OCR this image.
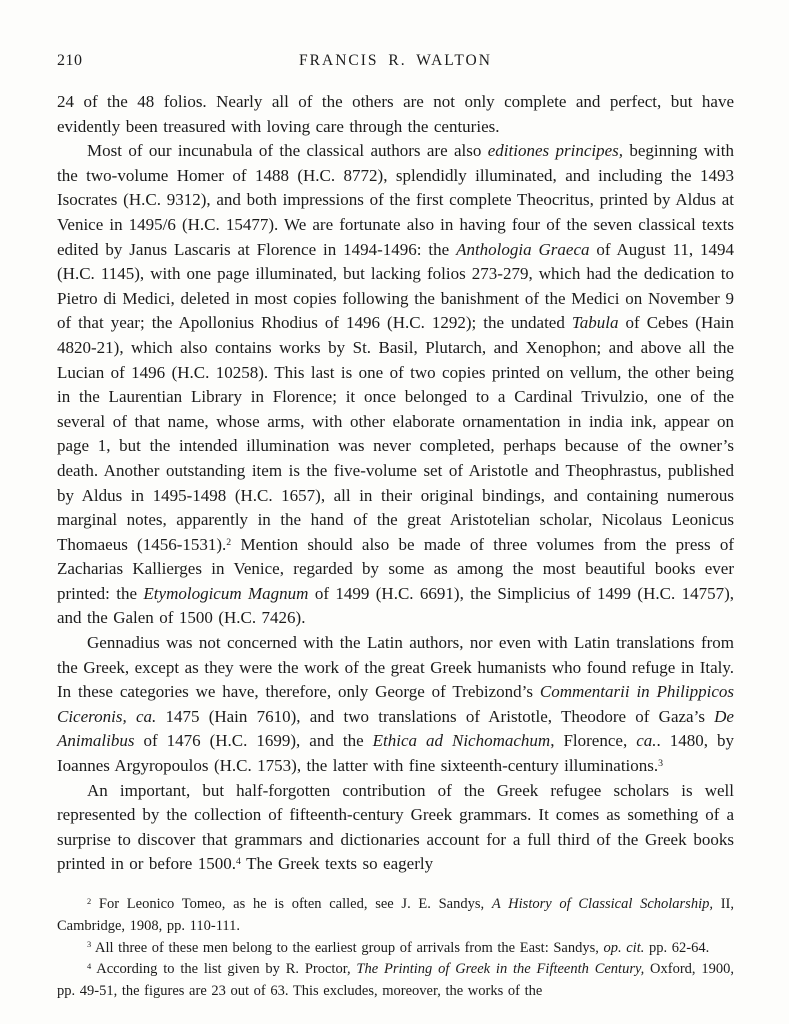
210	FRANCIS R. WALTON

24 of the 48 folios. Nearly all of the others are not only complete and perfect, but have evidently been treasured with loving care through the centuries.

Most of our incunabula of the classical authors are also editiones principes, beginning with the two-volume Homer of 1488 (H.C. 8772), splendidly illuminated, and including the 1493 Isocrates (H.C. 9312), and both impressions of the first complete Theocritus, printed by Aldus at Venice in 1495/6 (H.C. 15477). We are fortunate also in having four of the seven classical texts edited by Janus Lascaris at Florence in 1494-1496: the Anthologia Graeca of August 11, 1494 (H.C. 1145), with one page illuminated, but lacking folios 273-279, which had the dedication to Pietro di Medici, deleted in most copies following the banishment of the Medici on November 9 of that year; the Apollonius Rhodius of 1496 (H.C. 1292); the undated Tabula of Cebes (Hain 4820-21), which also contains works by St. Basil, Plutarch, and Xenophon; and above all the Lucian of 1496 (H.C. 10258). This last is one of two copies printed on vellum, the other being in the Laurentian Library in Florence; it once belonged to a Cardinal Trivulzio, one of the several of that name, whose arms, with other elaborate ornamentation in india ink, appear on page 1, but the intended illumination was never completed, perhaps because of the owner’s death. Another outstanding item is the five-volume set of Aristotle and Theophrastus, published by Aldus in 1495-1498 (H.C. 1657), all in their original bindings, and containing numerous marginal notes, apparently in the hand of the great Aristotelian scholar, Nicolaus Leonicus Thomaeus (1456-1531).$^2$ Mention should also be made of three volumes from the press of Zacharias Kallierges in Venice, regarded by some as among the most beautiful books ever printed: the Etymologicum Magnum of 1499 (H.C. 6691), the Simplicius of 1499 (H.C. 14757), and the Galen of 1500 (H.C. 7426).

Gennadius was not concerned with the Latin authors, nor even with Latin translations from the Greek, except as they were the work of the great Greek humanists who found refuge in Italy. In these categories we have, therefore, only George of Trebizond’s Commentarii in Philippicos Ciceronis, ca. 1475 (Hain 7610), and two translations of Aristotle, Theodore of Gaza’s De Animalibus of 1476 (H.C. 1699), and the Ethica ad Nichomachum, Florence, ca.. 1480, by Ioannes Argyropoulos (H.C. 1753), the latter with fine sixteenth-century illuminations.$^3$

An important, but half-forgotten contribution of the Greek refugee scholars is well represented by the collection of fifteenth-century Greek grammars. It comes as something of a surprise to discover that grammars and dictionaries account for a full third of the Greek books printed in or before 1500.$^4$ The Greek texts so eagerly

$^2$ For Leonico Tomeo, as he is often called, see J. E. Sandys, A History of Classical Scholarship, II, Cambridge, 1908, pp. 110-111.

$^3$ All three of these men belong to the earliest group of arrivals from the East: Sandys, op. cit. pp. 62-64.

$^4$ According to the list given by R. Proctor, The Printing of Greek in the Fifteenth Century, Oxford, 1900, pp. 49-51, the figures are 23 out of 63. This excludes, moreover, the works of the
